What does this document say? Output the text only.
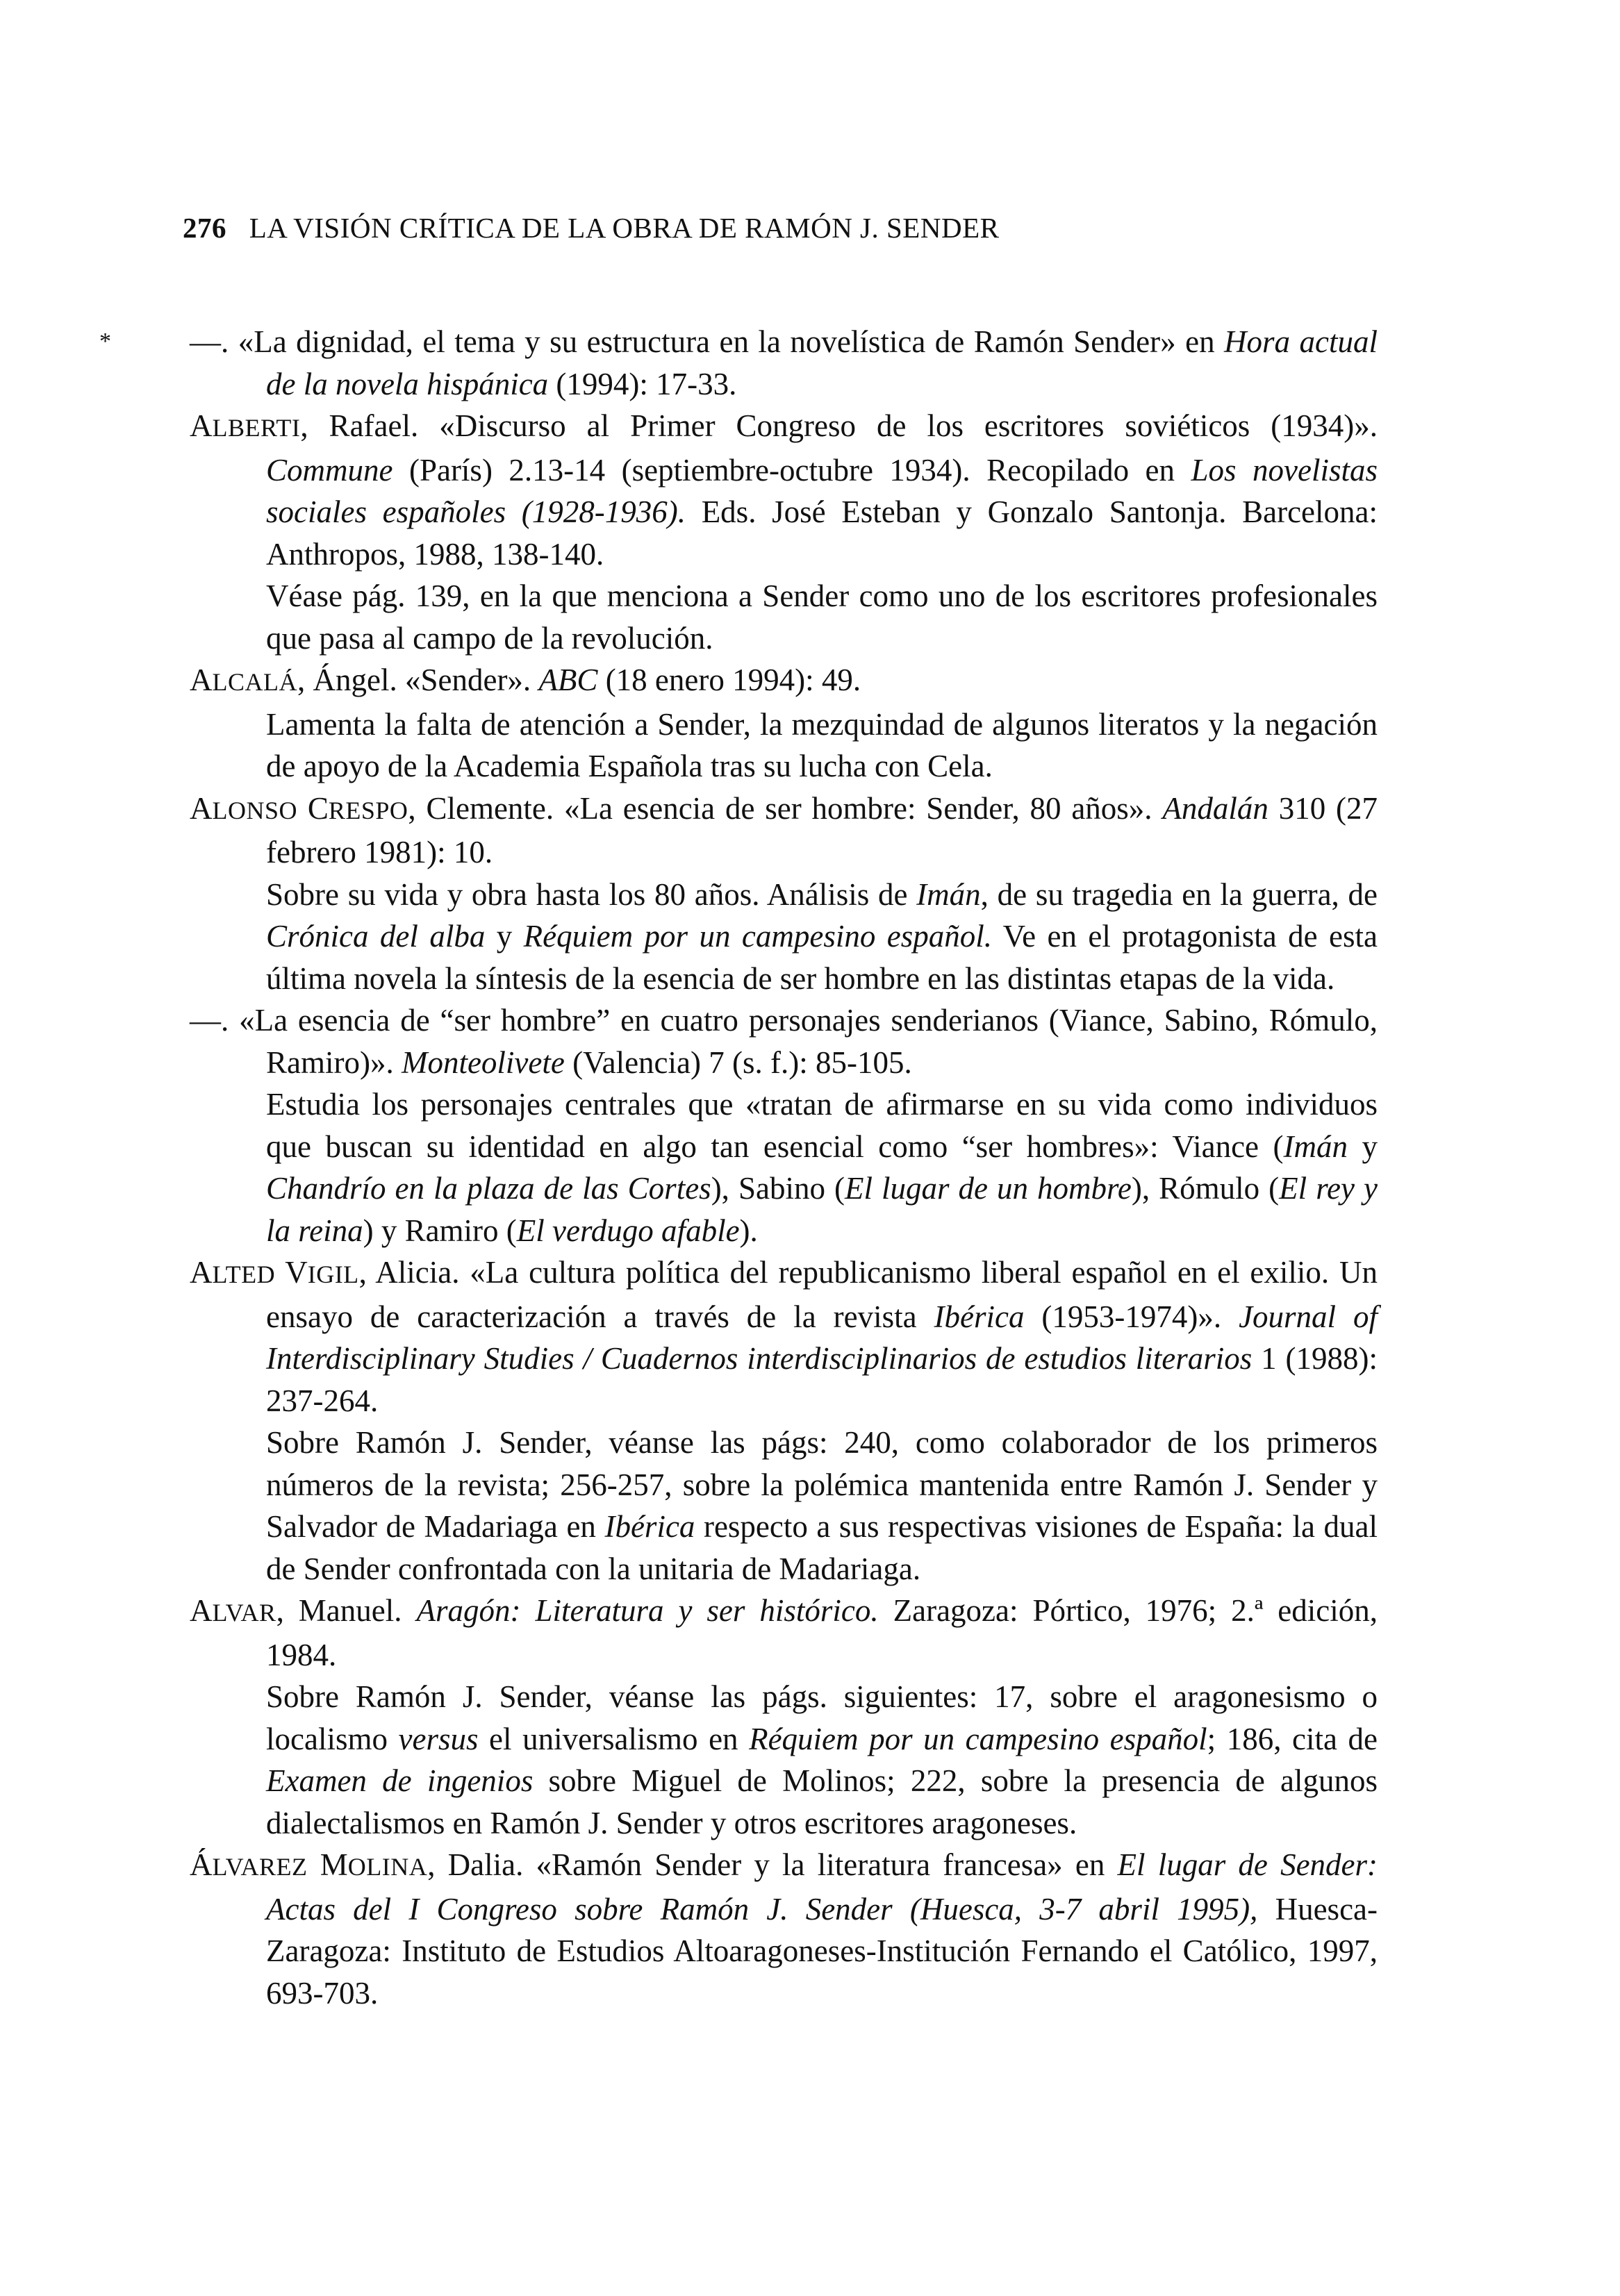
276 LA VISIÓN CRÍTICA DE LA OBRA DE RAMÓN J. SENDER

*	—. «La dignidad, el tema y su estructura en la novelística de Ramón Sender» en Hora actual de la novela hispánica (1994): 17-33.

ALBERTI, Rafael. «Discurso al Primer Congreso de los escritores soviéticos (1934)». Commune (París) 2.13-14 (septiembre-octubre 1934). Recopilado en Los novelistas sociales españoles (1928-1936). Eds. José Esteban y Gonzalo Santonja. Barcelona: Anthropos, 1988, 138-140.

Véase pág. 139, en la que menciona a Sender como uno de los escritores profesionales que pasa al campo de la revolución.

ALCALÁ, Ángel. «Sender». ABC (18 enero 1994): 49.

Lamenta la falta de atención a Sender, la mezquindad de algunos literatos y la negación de apoyo de la Academia Española tras su lucha con Cela.

ALONSO CRESPO, Clemente. «La esencia de ser hombre: Sender, 80 años». Andalán 310 (27 febrero 1981): 10.

Sobre su vida y obra hasta los 80 años. Análisis de Imán, de su tragedia en la guerra, de Crónica del alba y Réquiem por un campesino español. Ve en el protagonista de esta última novela la síntesis de la esencia de ser hombre en las distintas etapas de la vida.

—. «La esencia de “ser hombre” en cuatro personajes senderianos (Viance, Sabino, Rómulo, Ramiro)». Monteolivete (Valencia) 7 (s. f.): 85-105.

Estudia los personajes centrales que «tratan de afirmarse en su vida como individuos que buscan su identidad en algo tan esencial como “ser hombres»: Viance (Imán y Chandrío en la plaza de las Cortes), Sabino (El lugar de un hombre), Rómulo (El rey y la reina) y Ramiro (El verdugo afable).

ALTED VIGIL, Alicia. «La cultura política del republicanismo liberal español en el exilio. Un ensayo de caracterización a través de la revista Ibérica (1953-1974)». Journal of Interdisciplinary Studies / Cuadernos interdisciplinarios de estudios literarios 1 (1988): 237-264.

Sobre Ramón J. Sender, véanse las págs: 240, como colaborador de los primeros números de la revista; 256-257, sobre la polémica mantenida entre Ramón J. Sender y Salvador de Madariaga en Ibérica respecto a sus respectivas visiones de España: la dual de Sender confrontada con la unitaria de Madariaga.

ALVAR, Manuel. Aragón: Literatura y ser histórico. Zaragoza: Pórtico, 1976; 2.ª edición, 1984.

Sobre Ramón J. Sender, véanse las págs. siguientes: 17, sobre el aragonesismo o localismo versus el universalismo en Réquiem por un campesino español; 186, cita de Examen de ingenios sobre Miguel de Molinos; 222, sobre la presencia de algunos dialectalismos en Ramón J. Sender y otros escritores aragoneses.

ÁLVAREZ MOLINA, Dalia. «Ramón Sender y la literatura francesa» en El lugar de Sender: Actas del I Congreso sobre Ramón J. Sender (Huesca, 3-7 abril 1995), Huesca-Zaragoza: Instituto de Estudios Altoaragoneses-Institución Fernando el Católico, 1997, 693-703.
